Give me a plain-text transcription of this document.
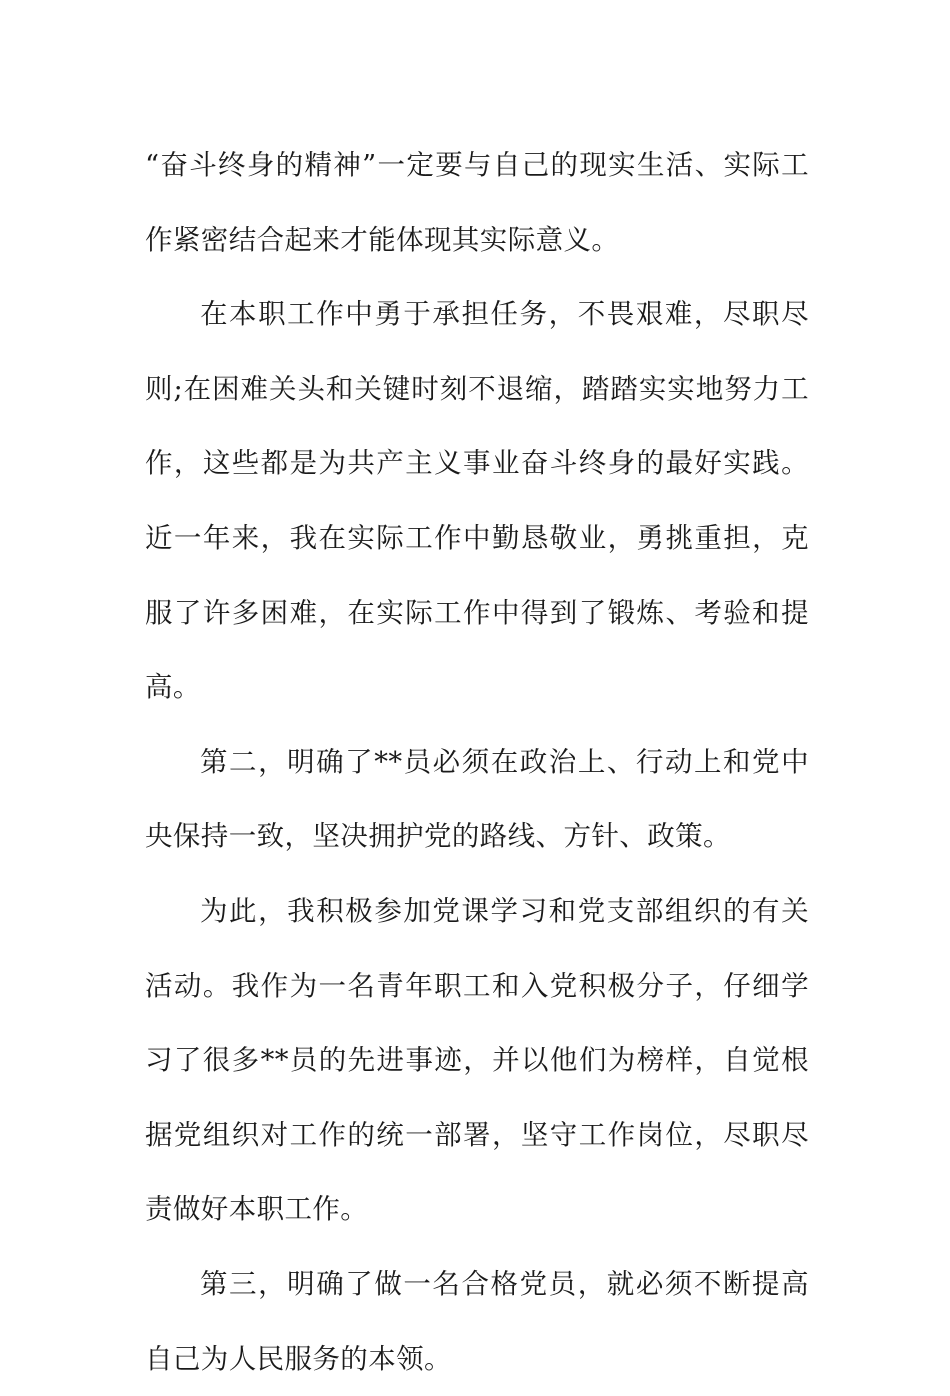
“奋斗终身的精神”一定要与自己的现实生活、实际工作紧密结合起来才能体现其实际意义。

在本职工作中勇于承担任务，不畏艰难，尽职尽则;在困难关头和关键时刻不退缩，踏踏实实地努力工作，这些都是为共产主义事业奋斗终身的最好实践。近一年来，我在实际工作中勤恳敬业，勇挑重担，克服了许多困难，在实际工作中得到了锻炼、考验和提高。

第二，明确了**员必须在政治上、行动上和党中央保持一致，坚决拥护党的路线、方针、政策。

为此，我积极参加党课学习和党支部组织的有关活动。我作为一名青年职工和入党积极分子，仔细学习了很多**员的先进事迹，并以他们为榜样，自觉根据党组织对工作的统一部署，坚守工作岗位，尽职尽责做好本职工作。

第三，明确了做一名合格党员，就必须不断提高自己为人民服务的本领。
